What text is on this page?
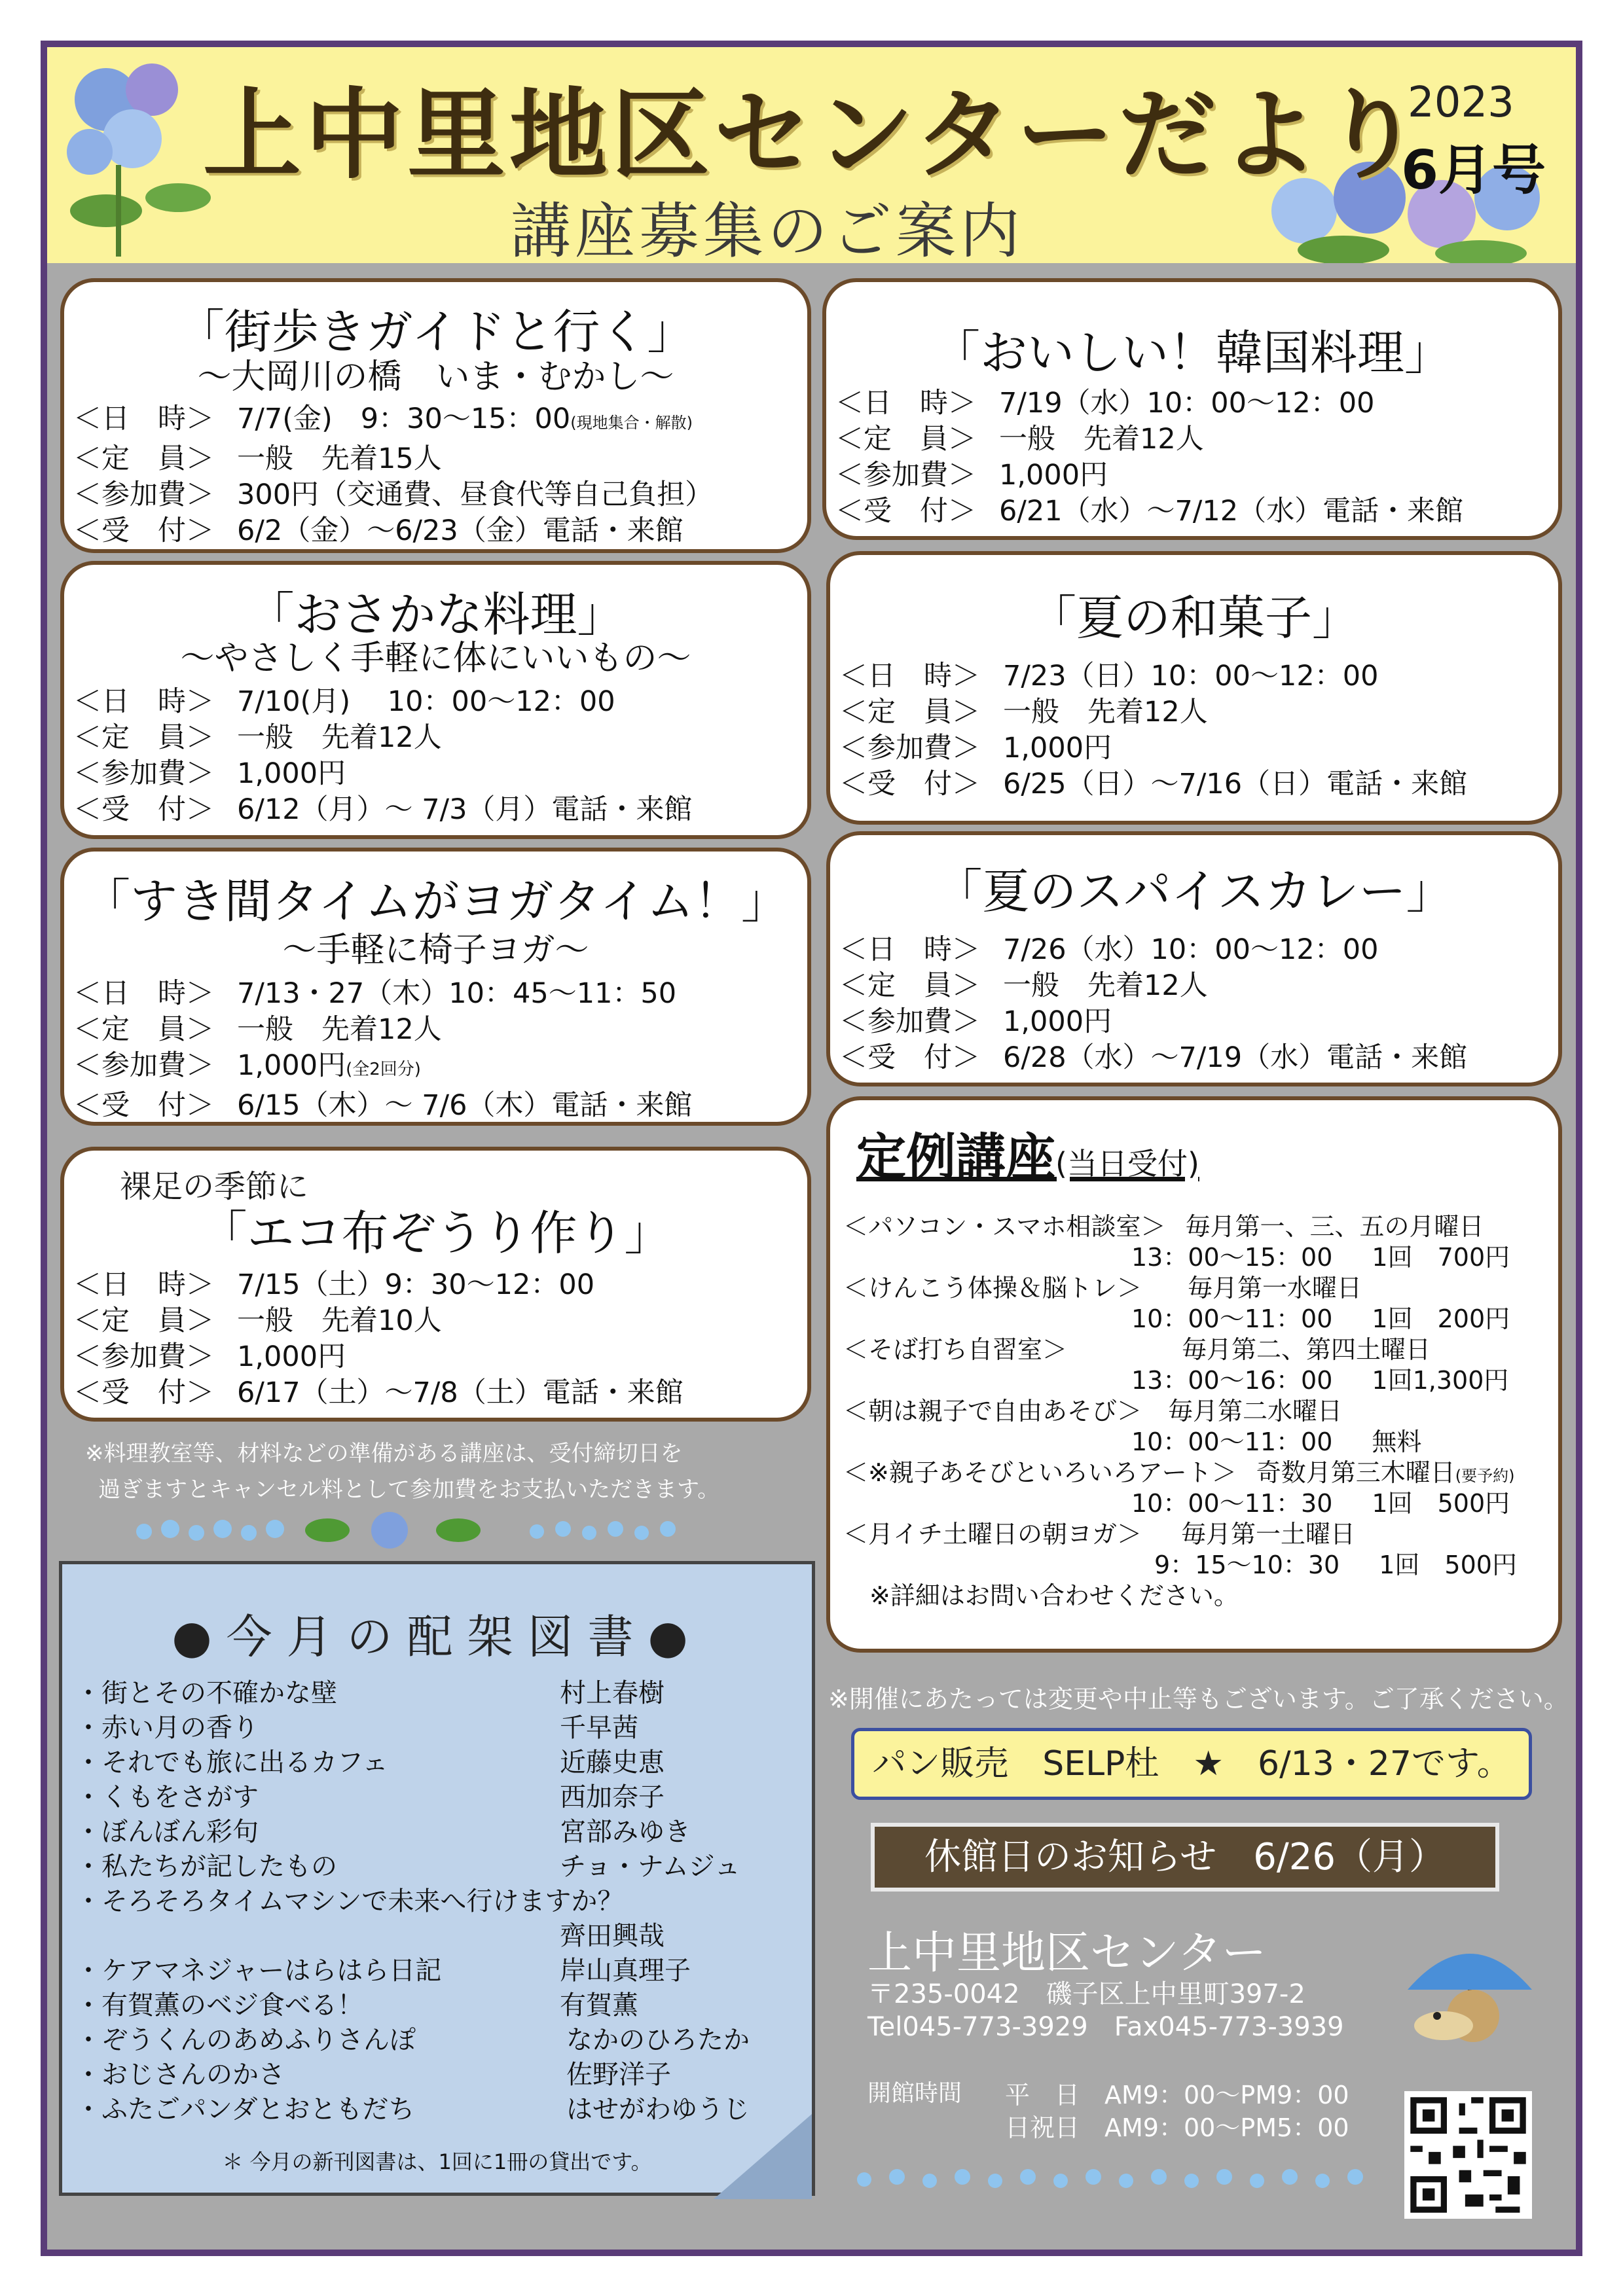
上中里地区センターだより
講座募集のご案内
2023
6月号
「街歩きガイドと行く」
～大岡川の橋　いま・むかし～
＜日　時＞ 7/7(金)　9：30～15：00(現地集合・解散)
＜定　員＞ 一般　先着15人
＜参加費＞ 300円（交通費、昼食代等自己負担）
＜受　付＞ 6/2（金）～6/23（金）電話・来館
「おさかな料理」
～やさしく手軽に体にいいもの～
＜日　時＞ 7/10(月)　 10：00～12：00
＜定　員＞ 一般　先着12人
＜参加費＞ 1,000円
＜受　付＞ 6/12（月）～ 7/3（月）電話・来館
「すき間タイムがヨガタイム！」
～手軽に椅子ヨガ～
＜日　時＞ 7/13・27（木）10：45～11：50
＜定　員＞ 一般　先着12人
＜参加費＞ 1,000円(全2回分)
＜受　付＞ 6/15（木）～ 7/6（木）電話・来館
裸足の季節に
「エコ布ぞうり作り」
＜日　時＞ 7/15（土）9：30～12：00
＜定　員＞ 一般　先着10人
＜参加費＞ 1,000円
＜受　付＞ 6/17（土）～7/8（土）電話・来館
「おいしい！韓国料理」
＜日　時＞ 7/19（水）10：00～12：00
＜定　員＞ 一般　先着12人
＜参加費＞ 1,000円
＜受　付＞ 6/21（水）～7/12（水）電話・来館
「夏の和菓子」
＜日　時＞ 7/23（日）10：00～12：00
＜定　員＞ 一般　先着12人
＜参加費＞ 1,000円
＜受　付＞ 6/25（日）～7/16（日）電話・来館
「夏のスパイスカレー」
＜日　時＞ 7/26（水）10：00～12：00
＜定　員＞ 一般　先着12人
＜参加費＞ 1,000円
＜受　付＞ 6/28（水）～7/19（水）電話・来館
定例講座(当日受付)
＜パソコン・スマホ相談室＞ 毎月第一、三、五の月曜日
13：00～15：00 1回　700円
＜けんこう体操＆脳トレ＞ 毎月第一水曜日
10：00～11：00 1回　200円
＜そば打ち自習室＞	毎月第二、第四土曜日
13：00～16：00 1回1,300円
＜朝は親子で自由あそび＞ 毎月第二水曜日
10：00～11：00 無料
＜※親子あそびといろいろアート＞ 奇数月第三木曜日(要予約)
10：00～11：30 1回　500円
＜月イチ土曜日の朝ヨガ＞ 毎月第一土曜日
9：15～10：30 1回　500円
※詳細はお問い合わせください。
※料理教室等、材料などの準備がある講座は、受付締切日を
過ぎますとキャンセル料として参加費をお支払いただきます。
●今月の配架図書●
・街とその不確かな壁	村上春樹
・赤い月の香り	千早茜
・それでも旅に出るカフェ	近藤史恵
・くもをさがす	西加奈子
・ぼんぼん彩句	宮部みゆき
・私たちが記したもの	チョ・ナムジュ
・そろそろタイムマシンで未来へ行けますか？
齊田興哉
・ケアマネジャーはらはら日記	岸山真理子
・有賀薫のベジ食べる！	有賀薫
・ぞうくんのあめふりさんぽ	なかのひろたか
・おじさんのかさ	佐野洋子
・ふたごパンダとおともだち	はせがわゆうじ
＊ 今月の新刊図書は、1回に1冊の貸出です。
※開催にあたっては変更や中止等もございます。ご了承ください。
パン販売　SELP杜　★　6/13・27です。
休館日のお知らせ　6/26（月）
上中里地区センター
〒235-0042　磯子区上中里町397-2
Tel045-773-3929　Fax045-773-3939
開館時間 平　日　AM9：00～PM9：00
日祝日　AM9：00～PM5：00
